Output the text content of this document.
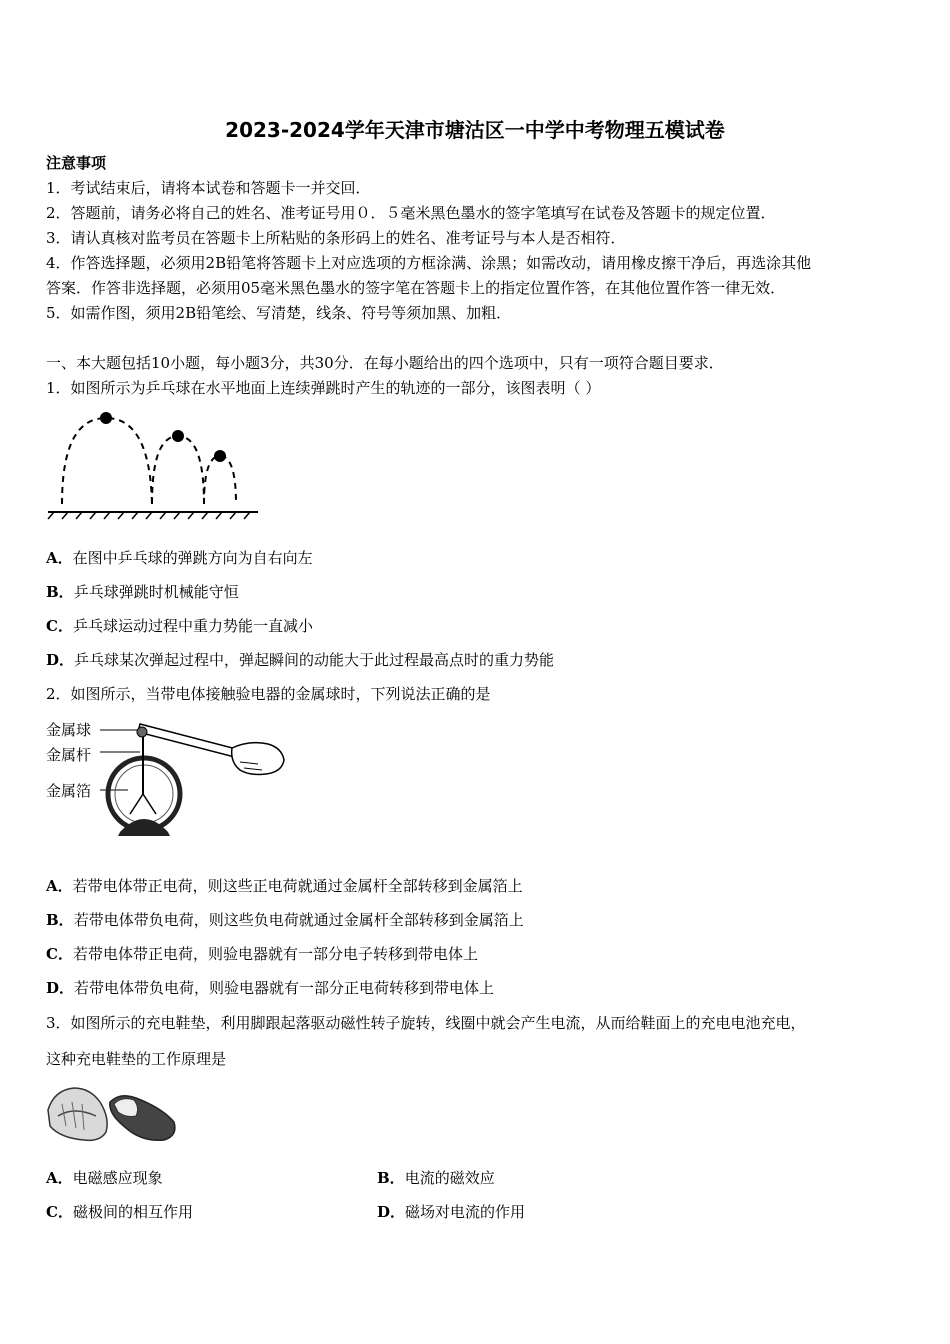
2023-2024学年天津市塘沽区一中学中考物理五模试卷
注意事项
1．考试结束后，请将本试卷和答题卡一并交回．
2．答题前，请务必将自己的姓名、准考证号用０．５毫米黑色墨水的签字笔填写在试卷及答题卡的规定位置．
3．请认真核对监考员在答题卡上所粘贴的条形码上的姓名、准考证号与本人是否相符．
4．作答选择题，必须用2B铅笔将答题卡上对应选项的方框涂满、涂黑；如需改动，请用橡皮擦干净后，再选涂其他
答案．作答非选择题，必须用05毫米黑色墨水的签字笔在答题卡上的指定位置作答，在其他位置作答一律无效．
5．如需作图，须用2B铅笔绘、写清楚，线条、符号等须加黑、加粗．
一、本大题包括10小题，每小题3分，共30分．在每小题给出的四个选项中，只有一项符合题目要求．
1．如图所示为乒乓球在水平地面上连续弹跳时产生的轨迹的一部分，该图表明（ ）
A．在图中乒乓球的弹跳方向为自右向左
B．乒乓球弹跳时机械能守恒
C．乒乓球运动过程中重力势能一直减小
D．乒乓球某次弹起过程中，弹起瞬间的动能大于此过程最高点时的重力势能
2．如图所示，当带电体接触验电器的金属球时，下列说法正确的是
金属球
金属杆
金属箔
A．若带电体带正电荷，则这些正电荷就通过金属杆全部转移到金属箔上
B．若带电体带负电荷，则这些负电荷就通过金属杆全部转移到金属箔上
C．若带电体带正电荷，则验电器就有一部分电子转移到带电体上
D．若带电体带负电荷，则验电器就有一部分正电荷转移到带电体上
3．如图所示的充电鞋垫，利用脚跟起落驱动磁性转子旋转，线圈中就会产生电流，从而给鞋面上的充电电池充电，
这种充电鞋垫的工作原理是
A．电磁感应现象	B．电流的磁效应
C．磁极间的相互作用	D．磁场对电流的作用
